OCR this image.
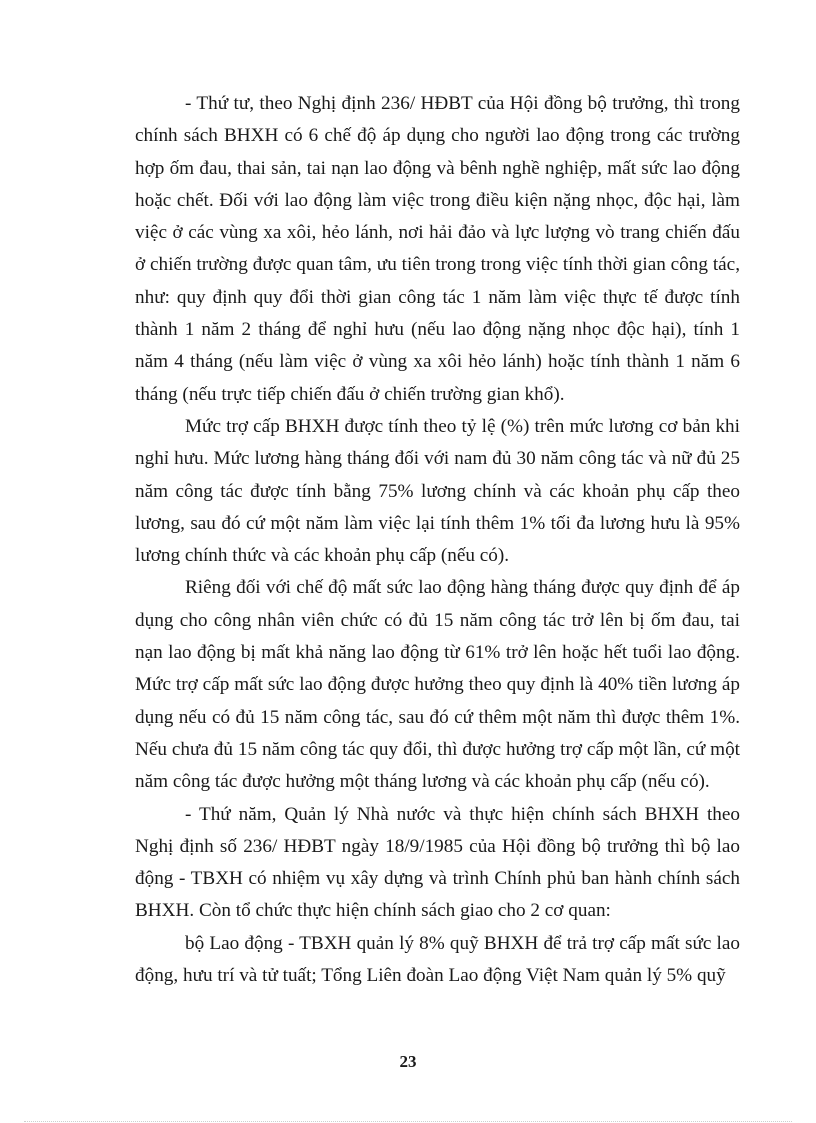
- Thứ tư, theo Nghị định 236/ HĐBT của Hội đồng bộ trưởng, thì trong chính sách BHXH có 6 chế độ áp dụng cho người lao động trong các trường hợp ốm đau, thai sản, tai nạn lao động và bênh nghề nghiệp, mất sức lao động hoặc chết. Đối với lao động làm việc trong điều kiện nặng nhọc, độc hại, làm việc ở các vùng xa xôi, hẻo lánh, nơi hải đảo và lực lượng vò trang chiến đấu ở chiến trường được quan tâm, ưu tiên trong trong việc tính thời gian công tác, như: quy định quy đổi thời gian công tác 1 năm làm việc thực tế được tính thành 1 năm 2 tháng để nghỉ hưu (nếu lao động nặng nhọc độc hại), tính 1 năm 4 tháng (nếu làm việc ở vùng xa xôi hẻo lánh) hoặc tính thành 1 năm 6 tháng (nếu trực tiếp chiến đấu ở chiến trường gian khổ).

Mức trợ cấp BHXH được tính theo tỷ lệ (%) trên mức lương cơ bản khi nghỉ hưu. Mức lương hàng tháng đối với nam đủ 30 năm công tác và nữ đủ 25 năm công tác được tính bằng 75% lương chính và các khoản phụ cấp theo lương, sau đó cứ một năm làm việc lại tính thêm 1% tối đa lương hưu là 95% lương chính thức và các khoản phụ cấp (nếu có).

Riêng đối với chế độ mất sức lao động hàng tháng được quy định để áp dụng cho công nhân viên chức có đủ 15 năm công tác trở lên bị ốm đau, tai nạn lao động bị mất khả năng lao động từ 61% trở lên hoặc hết tuổi lao động. Mức trợ cấp mất sức lao động được hưởng theo quy định là 40% tiền lương áp dụng nếu có đủ 15 năm công tác, sau đó cứ thêm một năm thì được thêm 1%. Nếu chưa đủ 15 năm công tác quy đổi, thì được hưởng trợ cấp một lần, cứ một năm công tác được hưởng một tháng lương và các khoản phụ cấp (nếu có).

- Thứ năm, Quản lý Nhà nước và thực hiện chính sách BHXH theo Nghị định số 236/ HĐBT ngày 18/9/1985 của Hội đồng bộ trưởng thì bộ lao động - TBXH có nhiệm vụ xây dựng và trình Chính phủ ban hành chính sách BHXH. Còn tổ chức thực hiện chính sách giao cho 2 cơ quan:

bộ Lao động - TBXH quản lý 8% quỹ BHXH để trả trợ cấp mất sức lao động, hưu trí và tử tuất; Tổng Liên đoàn Lao động Việt Nam quản lý 5% quỹ

23
